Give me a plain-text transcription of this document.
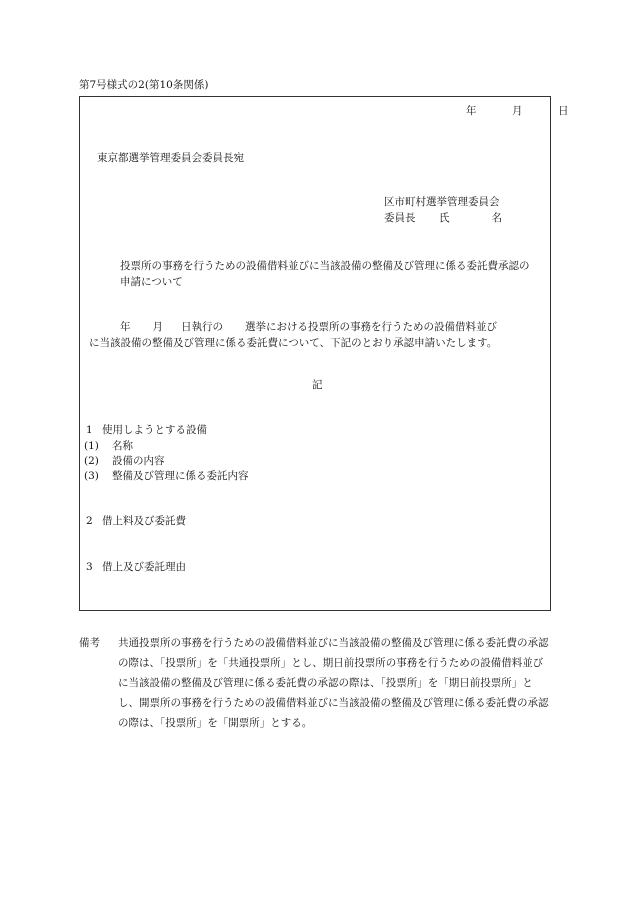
第7号様式の2(第10条関係)
年	月	日
東京都選挙管理委員会委員長宛
区市町村選挙管理委員会
委員長	氏　　　　名
投票所の事務を行うための設備借料並びに当該設備の整備及び管理に係る委託費承認の申請について
年 月 日執行の 選挙における投票所の事務を行うための設備借料並び
に当該設備の整備及び管理に係る委託費について、下記のとおり承認申請いたします。
記
1 使用しようとする設備
(1) 名称
(2) 設備の内容
(3) 整備及び管理に係る委託内容
2 借上料及び委託費
3 借上及び委託理由
備考 共通投票所の事務を行うための設備借料並びに当該設備の整備及び管理に係る委託費の承認の際は、「投票所」を「共通投票所」とし、期日前投票所の事務を行うための設備借料並びに当該設備の整備及び管理に係る委託費の承認の際は、「投票所」を「期日前投票所」とし、開票所の事務を行うための設備借料並びに当該設備の整備及び管理に係る委託費の承認の際は、「投票所」を「開票所」とする。
